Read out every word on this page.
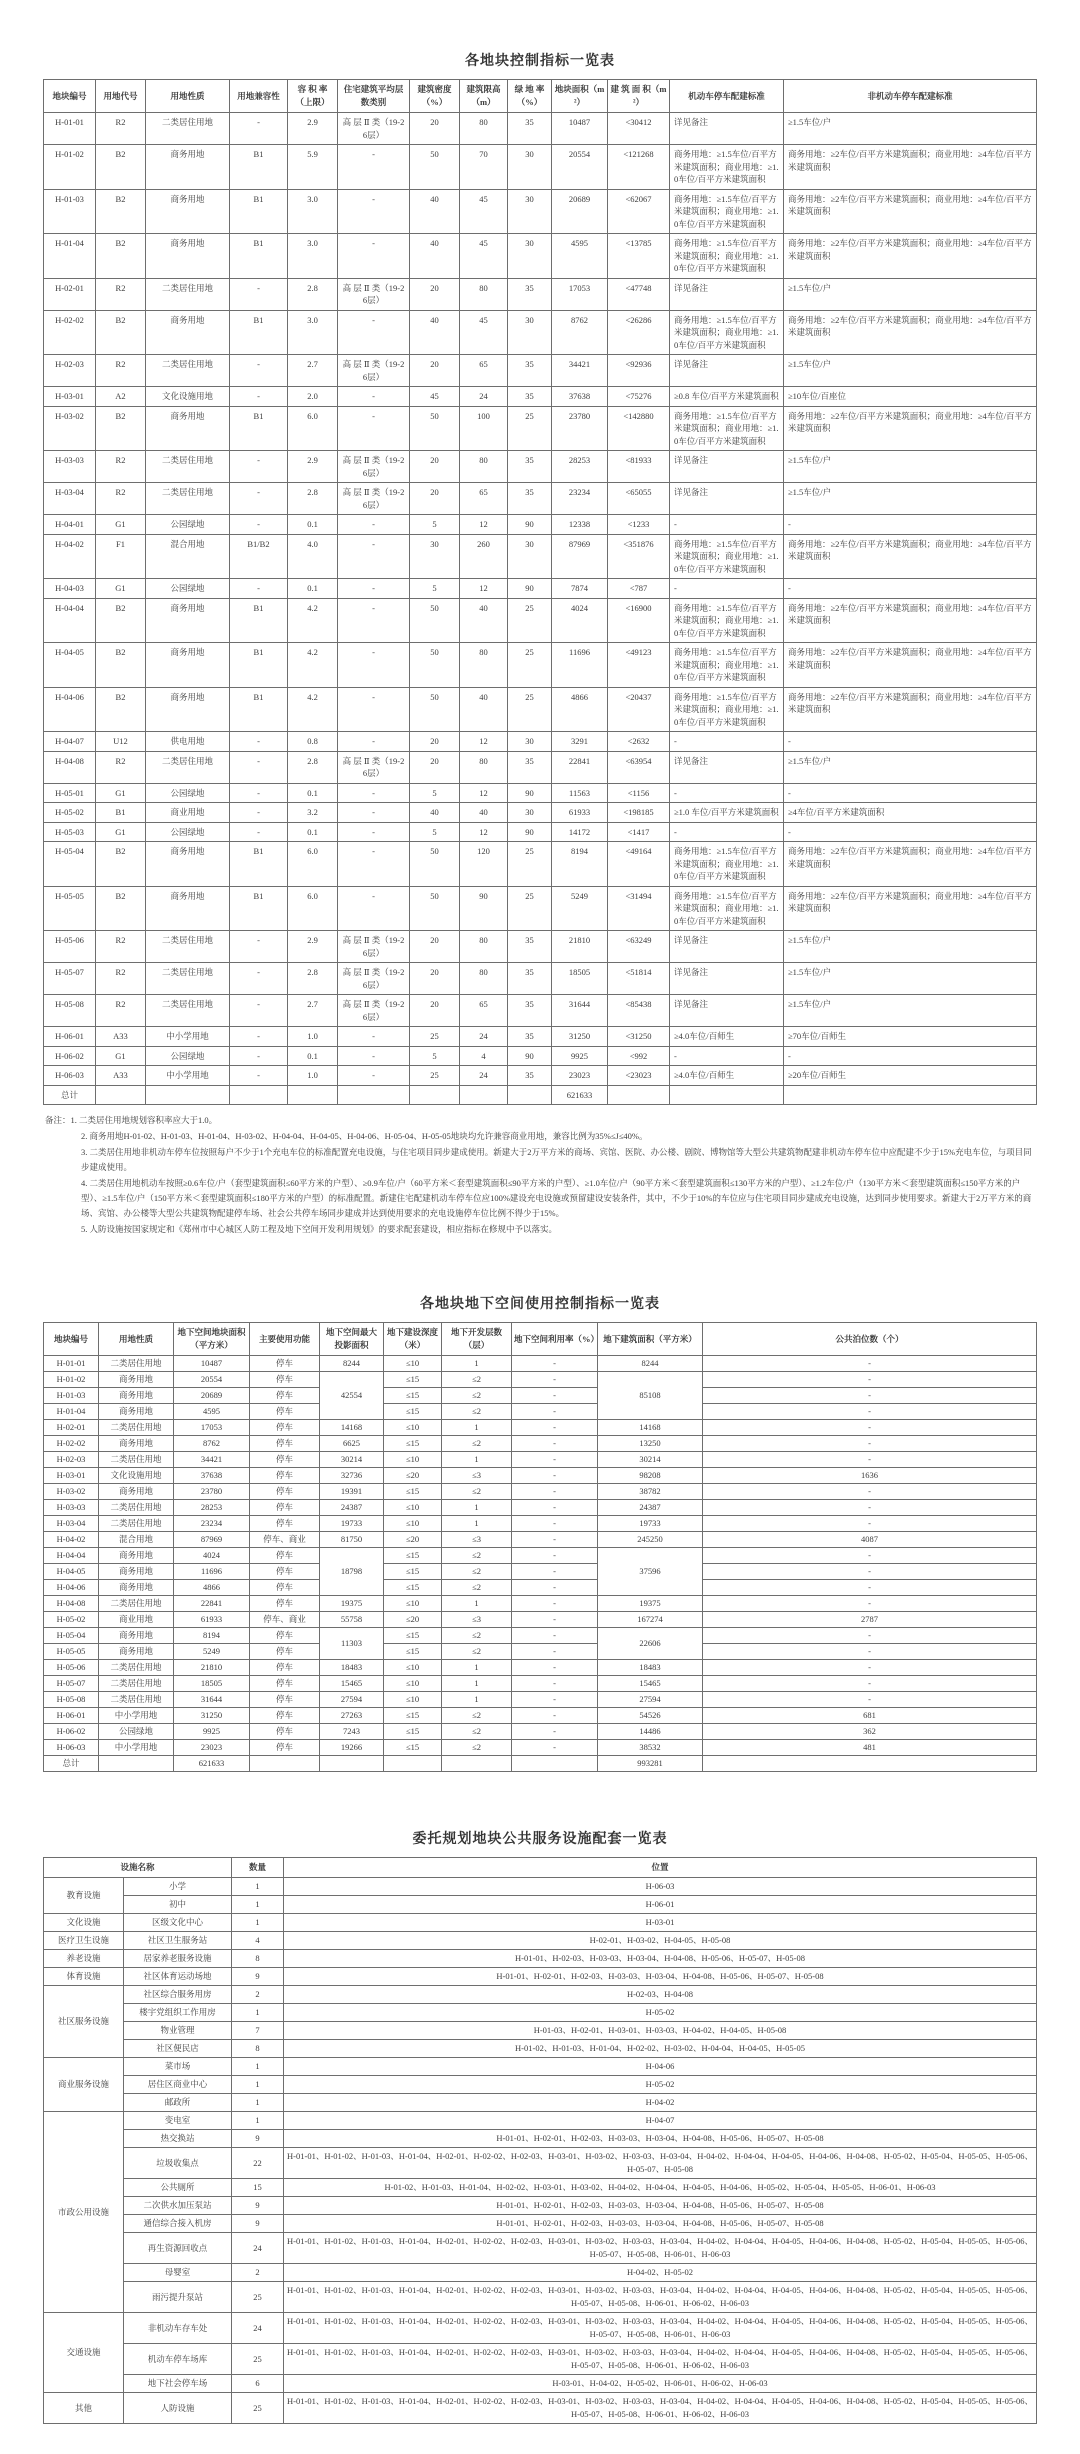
各地块控制指标一览表
地块编号	用地代号	用地性质	用地兼容性	容 积 率（上限）	住宅建筑平均层数类别	建筑密度（%）	建筑限高（m）	绿 地 率（%）	地块面积（m²）	建 筑 面 积（m²）	机动车停车配建标准	非机动车停车配建标准
H-01-01	R2	二类居住用地	-	2.9	高 层 Ⅱ 类（19-26层）	20	80	35	10487	<30412	详见备注	≥1.5车位/户
H-01-02	B2	商务用地	B1	5.9	-	50	70	30	20554	<121268	商务用地：≥1.5车位/百平方米建筑面积；商业用地：≥1.0车位/百平方米建筑面积	商务用地：≥2车位/百平方米建筑面积；商业用地：≥4车位/百平方米建筑面积
H-01-03	B2	商务用地	B1	3.0	-	40	45	30	20689	<62067	商务用地：≥1.5车位/百平方米建筑面积；商业用地：≥1.0车位/百平方米建筑面积	商务用地：≥2车位/百平方米建筑面积；商业用地：≥4车位/百平方米建筑面积
H-01-04	B2	商务用地	B1	3.0	-	40	45	30	4595	<13785	商务用地：≥1.5车位/百平方米建筑面积；商业用地：≥1.0车位/百平方米建筑面积	商务用地：≥2车位/百平方米建筑面积；商业用地：≥4车位/百平方米建筑面积
H-02-01	R2	二类居住用地	-	2.8	高 层 Ⅱ 类（19-26层）	20	80	35	17053	<47748	详见备注	≥1.5车位/户
H-02-02	B2	商务用地	B1	3.0	-	40	45	30	8762	<26286	商务用地：≥1.5车位/百平方米建筑面积；商业用地：≥1.0车位/百平方米建筑面积	商务用地：≥2车位/百平方米建筑面积；商业用地：≥4车位/百平方米建筑面积
H-02-03	R2	二类居住用地	-	2.7	高 层 Ⅱ 类（19-26层）	20	65	35	34421	<92936	详见备注	≥1.5车位/户
H-03-01	A2	文化设施用地	-	2.0	-	45	24	35	37638	<75276	≥0.8 车位/百平方米建筑面积	≥10车位/百座位
H-03-02	B2	商务用地	B1	6.0	-	50	100	25	23780	<142880	商务用地：≥1.5车位/百平方米建筑面积；商业用地：≥1.0车位/百平方米建筑面积	商务用地：≥2车位/百平方米建筑面积；商业用地：≥4车位/百平方米建筑面积
H-03-03	R2	二类居住用地	-	2.9	高 层 Ⅱ 类（19-26层）	20	80	35	28253	<81933	详见备注	≥1.5车位/户
H-03-04	R2	二类居住用地	-	2.8	高 层 Ⅱ 类（19-26层）	20	65	35	23234	<65055	详见备注	≥1.5车位/户
H-04-01	G1	公园绿地	-	0.1	-	5	12	90	12338	<1233	-	-
H-04-02	F1	混合用地	B1/B2	4.0	-	30	260	30	87969	<351876	商务用地：≥1.5车位/百平方米建筑面积；商业用地：≥1.0车位/百平方米建筑面积	商务用地：≥2车位/百平方米建筑面积；商业用地：≥4车位/百平方米建筑面积
H-04-03	G1	公园绿地	-	0.1	-	5	12	90	7874	<787	-	-
H-04-04	B2	商务用地	B1	4.2	-	50	40	25	4024	<16900	商务用地：≥1.5车位/百平方米建筑面积；商业用地：≥1.0车位/百平方米建筑面积	商务用地：≥2车位/百平方米建筑面积；商业用地：≥4车位/百平方米建筑面积
H-04-05	B2	商务用地	B1	4.2	-	50	80	25	11696	<49123	商务用地：≥1.5车位/百平方米建筑面积；商业用地：≥1.0车位/百平方米建筑面积	商务用地：≥2车位/百平方米建筑面积；商业用地：≥4车位/百平方米建筑面积
H-04-06	B2	商务用地	B1	4.2	-	50	40	25	4866	<20437	商务用地：≥1.5车位/百平方米建筑面积；商业用地：≥1.0车位/百平方米建筑面积	商务用地：≥2车位/百平方米建筑面积；商业用地：≥4车位/百平方米建筑面积
H-04-07	U12	供电用地	-	0.8	-	20	12	30	3291	<2632	-	-
H-04-08	R2	二类居住用地	-	2.8	高 层 Ⅱ 类（19-26层）	20	80	35	22841	<63954	详见备注	≥1.5车位/户
H-05-01	G1	公园绿地	-	0.1	-	5	12	90	11563	<1156	-	-
H-05-02	B1	商业用地	-	3.2	-	40	40	30	61933	<198185	≥1.0 车位/百平方米建筑面积	≥4车位/百平方米建筑面积
H-05-03	G1	公园绿地	-	0.1	-	5	12	90	14172	<1417	-	-
H-05-04	B2	商务用地	B1	6.0	-	50	120	25	8194	<49164	商务用地：≥1.5车位/百平方米建筑面积；商业用地：≥1.0车位/百平方米建筑面积	商务用地：≥2车位/百平方米建筑面积；商业用地：≥4车位/百平方米建筑面积
H-05-05	B2	商务用地	B1	6.0	-	50	90	25	5249	<31494	商务用地：≥1.5车位/百平方米建筑面积；商业用地：≥1.0车位/百平方米建筑面积	商务用地：≥2车位/百平方米建筑面积；商业用地：≥4车位/百平方米建筑面积
H-05-06	R2	二类居住用地	-	2.9	高 层 Ⅱ 类（19-26层）	20	80	35	21810	<63249	详见备注	≥1.5车位/户
H-05-07	R2	二类居住用地	-	2.8	高 层 Ⅱ 类（19-26层）	20	80	35	18505	<51814	详见备注	≥1.5车位/户
H-05-08	R2	二类居住用地	-	2.7	高 层 Ⅱ 类（19-26层）	20	65	35	31644	<85438	详见备注	≥1.5车位/户
H-06-01	A33	中小学用地	-	1.0	-	25	24	35	31250	<31250	≥4.0车位/百师生	≥70车位/百师生
H-06-02	G1	公园绿地	-	0.1	-	5	4	90	9925	<992	-	-
H-06-03	A33	中小学用地	-	1.0	-	25	24	35	23023	<23023	≥4.0车位/百师生	≥20车位/百师生
总计									621633			

备注：1. 二类居住用地规划容积率应大于1.0。

2. 商务用地H-01-02、H-01-03、H-01-04、H-03-02、H-04-04、H-04-05、H-04-06、H-05-04、H-05-05地块均允许兼容商业用地，兼容比例为35%≤J≤40%。

3. 二类居住用地非机动车停车位按照每户不少于1个充电车位的标准配置充电设施，与住宅项目同步建成使用。新建大于2万平方米的商场、宾馆、医院、办公楼、剧院、博物馆等大型公共建筑物配建非机动车停车位中应配建不少于15%充电车位，与项目同步建成使用。

4. 二类居住用地机动车按照≥0.6车位/户（套型建筑面积≤60平方米的户型）、≥0.9车位/户（60平方米＜套型建筑面积≤90平方米的户型）、≥1.0车位/户（90平方米＜套型建筑面积≤130平方米的户型）、≥1.2车位/户（130平方米＜套型建筑面积≤150平方米的户型）、≥1.5车位/户（150平方米＜套型建筑面积≤180平方米的户型）的标准配置。新建住宅配建机动车停车位应100%建设充电设施或预留建设安装条件，其中，不少于10%的车位应与住宅项目同步建成充电设施，达到同步使用要求。新建大于2万平方米的商场、宾馆、办公楼等大型公共建筑物配建停车场、社会公共停车场同步建成并达到使用要求的充电设施停车位比例不得少于15%。

5. 人防设施按国家规定和《郑州市中心城区人防工程及地下空间开发利用规划》的要求配套建设，相应指标在修规中予以落实。

各地块地下空间使用控制指标一览表
地块编号	用地性质	地下空间地块面积（平方米）	主要使用功能	地下空间最大投影面积	地下建设深度（米）	地下开发层数（层）	地下空间利用率（%）	地下建筑面积（平方米）	公共泊位数（个）
H-01-01	二类居住用地	10487	停车	8244	≤10	1	-	8244	-
H-01-02	商务用地	20554	停车	42554	≤15	≤2	-	85108	-
H-01-03	商务用地	20689	停车		≤15	≤2	-		-
H-01-04	商务用地	4595	停车		≤15	≤2	-		-
H-02-01	二类居住用地	17053	停车	14168	≤10	1	-	14168	-
H-02-02	商务用地	8762	停车	6625	≤15	≤2	-	13250	-
H-02-03	二类居住用地	34421	停车	30214	≤10	1	-	30214	-
H-03-01	文化设施用地	37638	停车	32736	≤20	≤3	-	98208	1636
H-03-02	商务用地	23780	停车	19391	≤15	≤2	-	38782	-
H-03-03	二类居住用地	28253	停车	24387	≤10	1	-	24387	-
H-03-04	二类居住用地	23234	停车	19733	≤10	1	-	19733	-
H-04-02	混合用地	87969	停车、商业	81750	≤20	≤3	-	245250	4087
H-04-04	商务用地	4024	停车	18798	≤15	≤2	-	37596	-
H-04-05	商务用地	11696	停车		≤15	≤2	-		-
H-04-06	商务用地	4866	停车		≤15	≤2	-		-
H-04-08	二类居住用地	22841	停车	19375	≤10	1	-	19375	-
H-05-02	商业用地	61933	停车、商业	55758	≤20	≤3	-	167274	2787
H-05-04	商务用地	8194	停车	11303	≤15	≤2	-	22606	-
H-05-05	商务用地	5249	停车		≤15	≤2	-		-
H-05-06	二类居住用地	21810	停车	18483	≤10	1	-	18483	-
H-05-07	二类居住用地	18505	停车	15465	≤10	1	-	15465	-
H-05-08	二类居住用地	31644	停车	27594	≤10	1	-	27594	-
H-06-01	中小学用地	31250	停车	27263	≤15	≤2	-	54526	681
H-06-02	公园绿地	9925	停车	7243	≤15	≤2	-	14486	362
H-06-03	中小学用地	23023	停车	19266	≤15	≤2	-	38532	481
总计		621633						993281	
委托规划地块公共服务设施配套一览表
设施名称		数量	位置
教育设施	小学	1	H-06-03
	初中	1	H-06-01
文化设施	区级文化中心	1	H-03-01
医疗卫生设施	社区卫生服务站	4	H-02-01、H-03-02、H-04-05、H-05-08
养老设施	居家养老服务设施	8	H-01-01、H-02-03、H-03-03、H-03-04、H-04-08、H-05-06、H-05-07、H-05-08
体育设施	社区体育运动场地	9	H-01-01、H-02-01、H-02-03、H-03-03、H-03-04、H-04-08、H-05-06、H-05-07、H-05-08
社区服务设施	社区综合服务用房	2	H-02-03、H-04-08
	楼宇党组织工作用房	1	H-05-02
	物业管理	7	H-01-03、H-02-01、H-03-01、H-03-03、H-04-02、H-04-05、H-05-08
	社区便民店	8	H-01-02、H-01-03、H-01-04、H-02-02、H-03-02、H-04-04、H-04-05、H-05-05
商业服务设施	菜市场	1	H-04-06
	居住区商业中心	1	H-05-02
	邮政所	1	H-04-02
市政公用设施	变电室	1	H-04-07
	热交换站	9	H-01-01、H-02-01、H-02-03、H-03-03、H-03-04、H-04-08、H-05-06、H-05-07、H-05-08
	垃圾收集点	22	H-01-01、H-01-02、H-01-03、H-01-04、H-02-01、H-02-02、H-02-03、H-03-01、H-03-02、H-03-03、H-03-04、H-04-02、H-04-04、H-04-05、H-04-06、H-04-08、H-05-02、H-05-04、H-05-05、H-05-06、H-05-07、H-05-08
	公共厕所	15	H-01-02、H-01-03、H-01-04、H-02-02、H-03-01、H-03-02、H-04-02、H-04-04、H-04-05、H-04-06、H-05-02、H-05-04、H-05-05、H-06-01、H-06-03
	二次供水加压泵站	9	H-01-01、H-02-01、H-02-03、H-03-03、H-03-04、H-04-08、H-05-06、H-05-07、H-05-08
	通信综合接入机房	9	H-01-01、H-02-01、H-02-03、H-03-03、H-03-04、H-04-08、H-05-06、H-05-07、H-05-08
	再生资源回收点	24	H-01-01、H-01-02、H-01-03、H-01-04、H-02-01、H-02-02、H-02-03、H-03-01、H-03-02、H-03-03、H-03-04、H-04-02、H-04-04、H-04-05、H-04-06、H-04-08、H-05-02、H-05-04、H-05-05、H-05-06、H-05-07、H-05-08、H-06-01、H-06-03
	母婴室	2	H-04-02、H-05-02
	雨污提升泵站	25	H-01-01、H-01-02、H-01-03、H-01-04、H-02-01、H-02-02、H-02-03、H-03-01、H-03-02、H-03-03、H-03-04、H-04-02、H-04-04、H-04-05、H-04-06、H-04-08、H-05-02、H-05-04、H-05-05、H-05-06、H-05-07、H-05-08、H-06-01、H-06-02、H-06-03
交通设施	非机动车存车处	24	H-01-01、H-01-02、H-01-03、H-01-04、H-02-01、H-02-02、H-02-03、H-03-01、H-03-02、H-03-03、H-03-04、H-04-02、H-04-04、H-04-05、H-04-06、H-04-08、H-05-02、H-05-04、H-05-05、H-05-06、H-05-07、H-05-08、H-06-01、H-06-03
	机动车停车场库	25	H-01-01、H-01-02、H-01-03、H-01-04、H-02-01、H-02-02、H-02-03、H-03-01、H-03-02、H-03-03、H-03-04、H-04-02、H-04-04、H-04-05、H-04-06、H-04-08、H-05-02、H-05-04、H-05-05、H-05-06、H-05-07、H-05-08、H-06-01、H-06-02、H-06-03
	地下社会停车场	6	H-03-01、H-04-02、H-05-02、H-06-01、H-06-02、H-06-03
其他	人防设施	25	H-01-01、H-01-02、H-01-03、H-01-04、H-02-01、H-02-02、H-02-03、H-03-01、H-03-02、H-03-03、H-03-04、H-04-02、H-04-04、H-04-05、H-04-06、H-04-08、H-05-02、H-05-04、H-05-05、H-05-06、H-05-07、H-05-08、H-06-01、H-06-02、H-06-03
